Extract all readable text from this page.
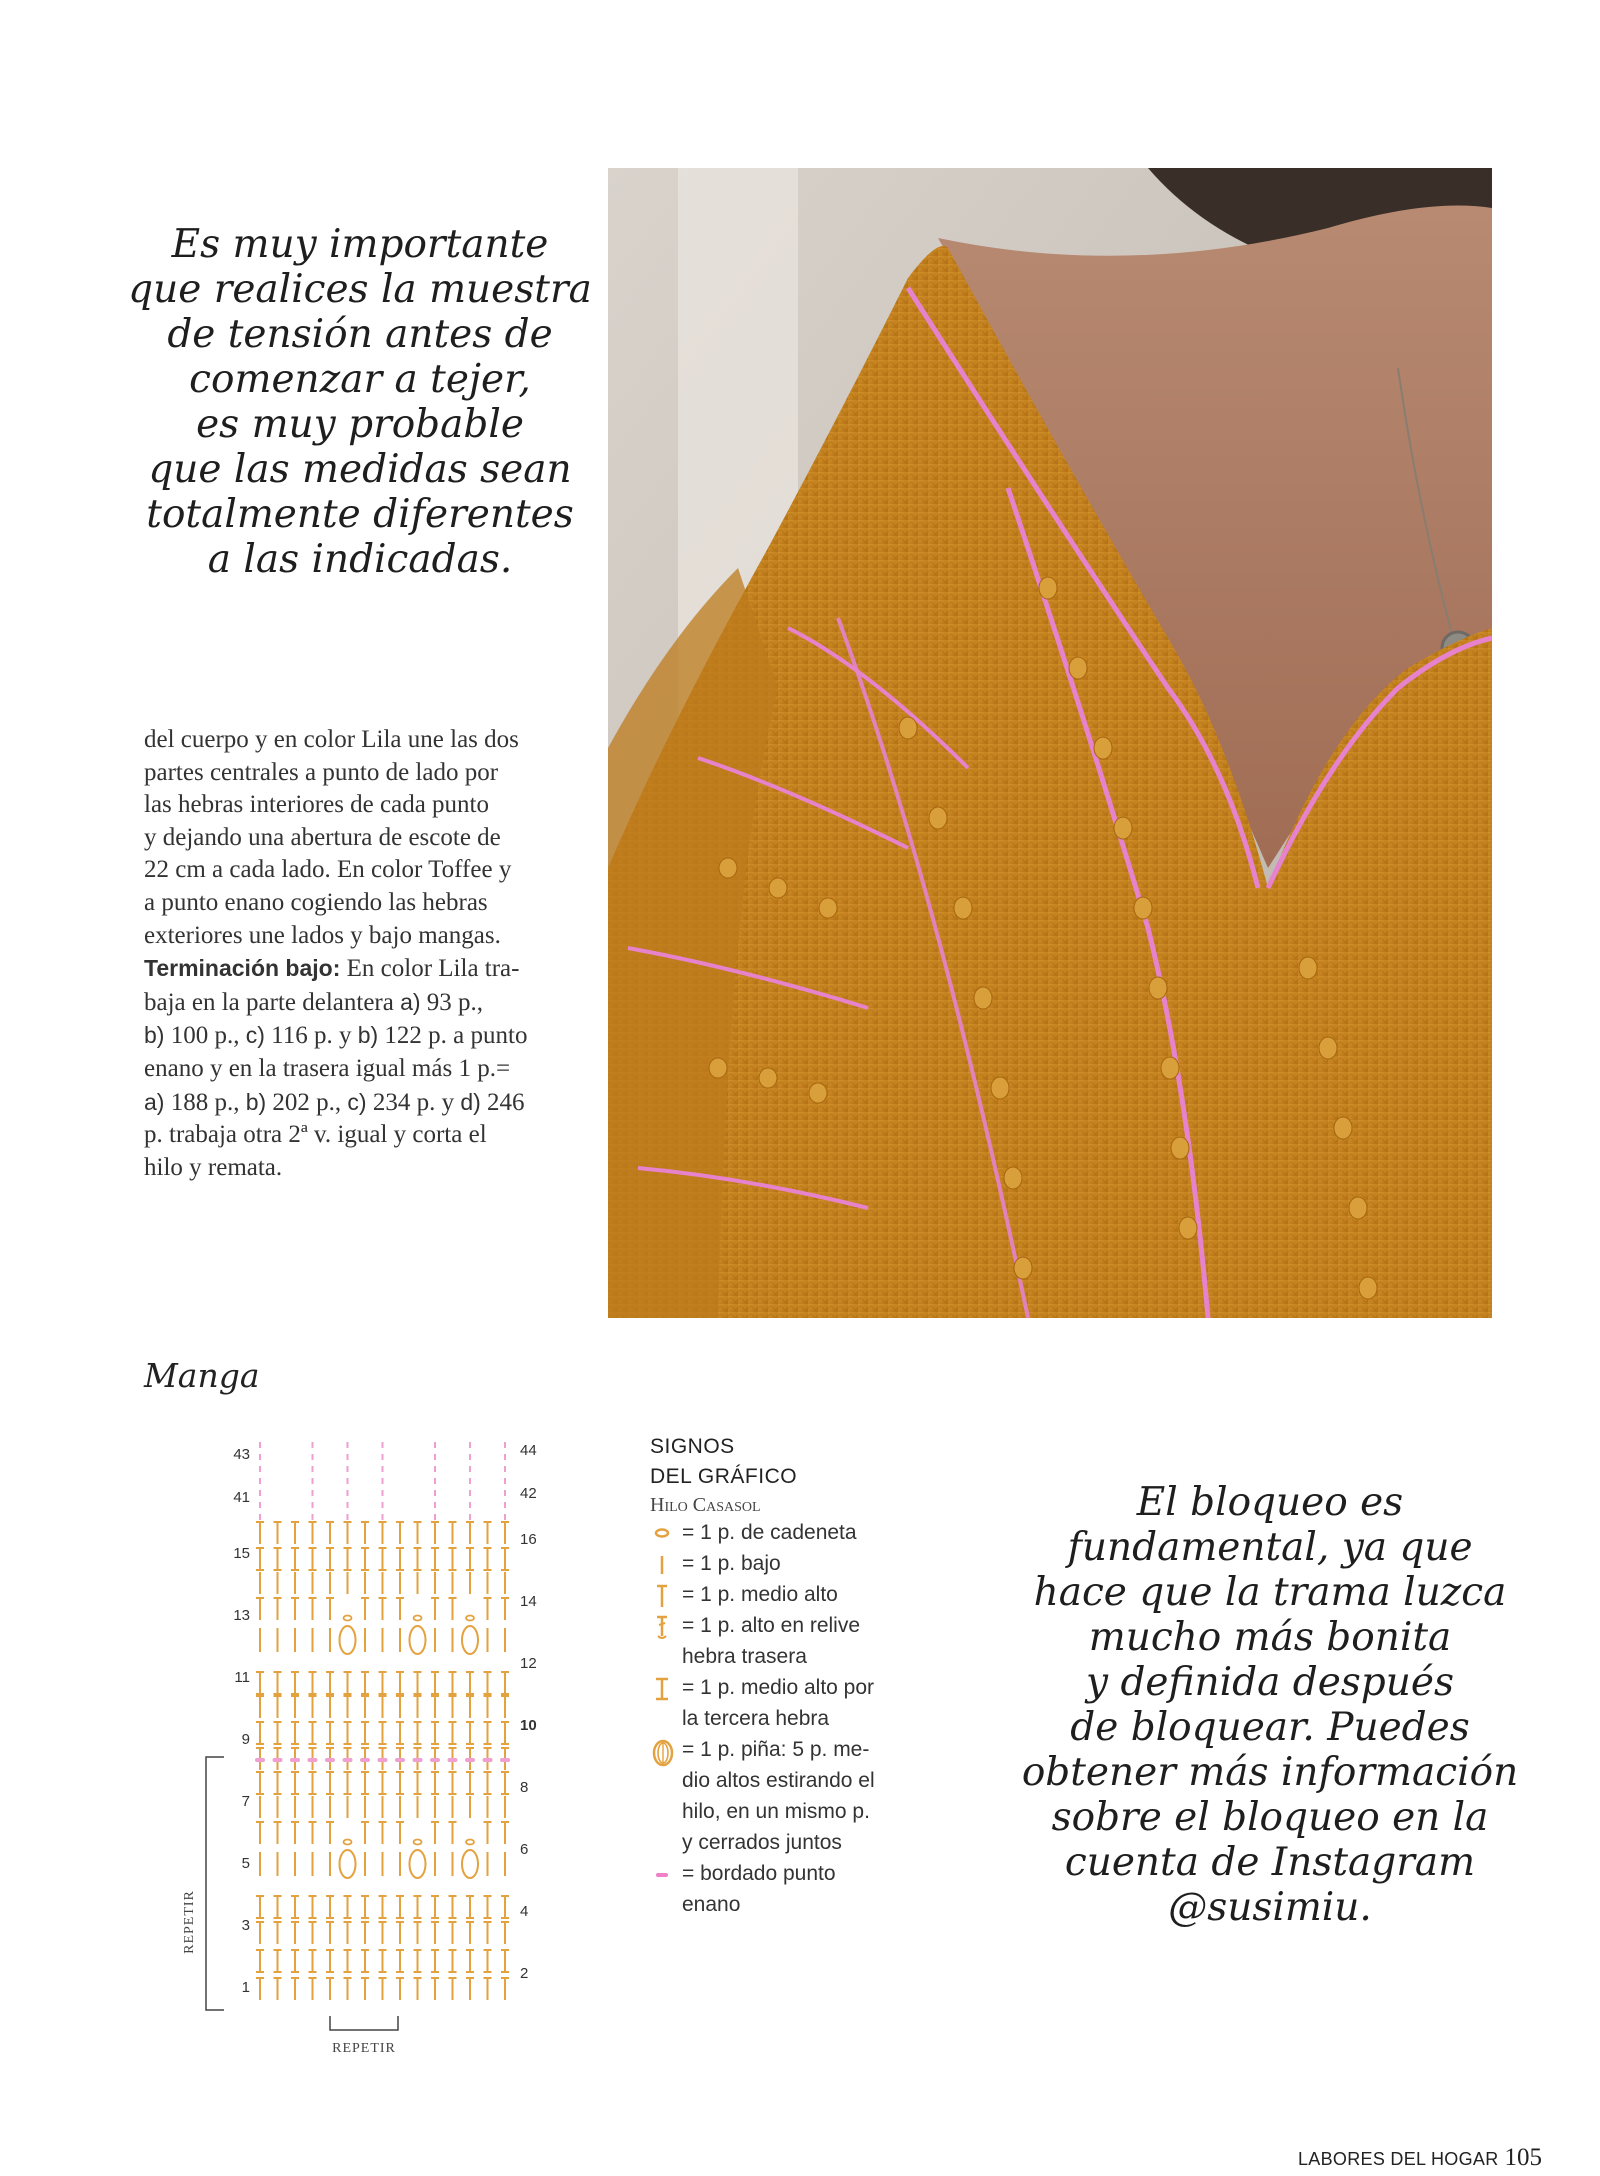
Es muy importante
que realices la muestra
de tensión antes de
comenzar a tejer,
es muy probable
que las medidas sean
totalmente diferentes
a las indicadas.
del cuerpo y en color Lila une las dos
partes centrales a punto de lado por
las hebras interiores de cada punto
y dejando una abertura de escote de
22 cm a cada lado. En color Toffee y
a punto enano cogiendo las hebras
exteriores une lados y bajo mangas.
Terminación bajo: En color Lila tra-
baja en la parte delantera a) 93 p.,
b) 100 p., c) 116 p. y b) 122 p. a punto
enano y en la trasera igual más 1 p.=
a) 188 p., b) 202 p., c) 234 p. y d) 246
p. trabaja otra 2ª v. igual y corta el
hilo y remata.
Manga
43
41
15
13
11
9
7
5
3
1
44
42
16
14
12
10
8
6
4
2
REPETIR
REPETIR

SIGNOS

DEL GRÁFICO

Hilo Casasol

= 1 p. de cadeneta
= 1 p. bajo
= 1 p. medio alto
= 1 p. alto en relive
hebra trasera
= 1 p. medio alto por
la tercera hebra
= 1 p. piña: 5 p. me-
dio altos estirando el
hilo, en un mismo p.
y cerrados juntos
= bordado punto
enano
El bloqueo es
fundamental, ya que
hace que la trama luzca
mucho más bonita
y definida después
de bloquear. Puedes
obtener más información
sobre el bloqueo en la
cuenta de Instagram
@susimiu.
LABORES DEL HOGAR 105
